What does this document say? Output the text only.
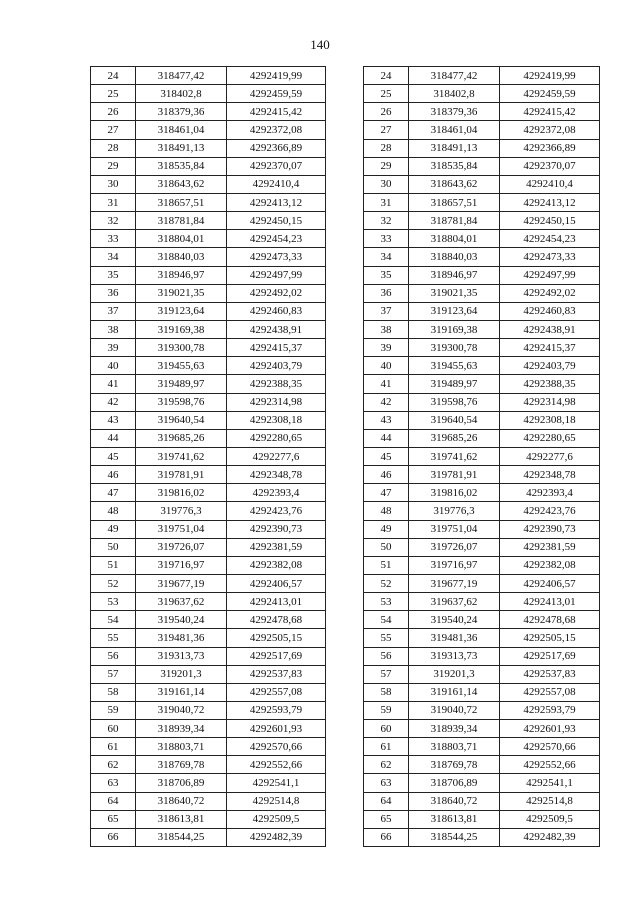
140
24	318477,42	4292419,99
25	318402,8	4292459,59
26	318379,36	4292415,42
27	318461,04	4292372,08
28	318491,13	4292366,89
29	318535,84	4292370,07
30	318643,62	4292410,4
31	318657,51	4292413,12
32	318781,84	4292450,15
33	318804,01	4292454,23
34	318840,03	4292473,33
35	318946,97	4292497,99
36	319021,35	4292492,02
37	319123,64	4292460,83
38	319169,38	4292438,91
39	319300,78	4292415,37
40	319455,63	4292403,79
41	319489,97	4292388,35
42	319598,76	4292314,98
43	319640,54	4292308,18
44	319685,26	4292280,65
45	319741,62	4292277,6
46	319781,91	4292348,78
47	319816,02	4292393,4
48	319776,3	4292423,76
49	319751,04	4292390,73
50	319726,07	4292381,59
51	319716,97	4292382,08
52	319677,19	4292406,57
53	319637,62	4292413,01
54	319540,24	4292478,68
55	319481,36	4292505,15
56	319313,73	4292517,69
57	319201,3	4292537,83
58	319161,14	4292557,08
59	319040,72	4292593,79
60	318939,34	4292601,93
61	318803,71	4292570,66
62	318769,78	4292552,66
63	318706,89	4292541,1
64	318640,72	4292514,8
65	318613,81	4292509,5
66	318544,25	4292482,39
24	318477,42	4292419,99
25	318402,8	4292459,59
26	318379,36	4292415,42
27	318461,04	4292372,08
28	318491,13	4292366,89
29	318535,84	4292370,07
30	318643,62	4292410,4
31	318657,51	4292413,12
32	318781,84	4292450,15
33	318804,01	4292454,23
34	318840,03	4292473,33
35	318946,97	4292497,99
36	319021,35	4292492,02
37	319123,64	4292460,83
38	319169,38	4292438,91
39	319300,78	4292415,37
40	319455,63	4292403,79
41	319489,97	4292388,35
42	319598,76	4292314,98
43	319640,54	4292308,18
44	319685,26	4292280,65
45	319741,62	4292277,6
46	319781,91	4292348,78
47	319816,02	4292393,4
48	319776,3	4292423,76
49	319751,04	4292390,73
50	319726,07	4292381,59
51	319716,97	4292382,08
52	319677,19	4292406,57
53	319637,62	4292413,01
54	319540,24	4292478,68
55	319481,36	4292505,15
56	319313,73	4292517,69
57	319201,3	4292537,83
58	319161,14	4292557,08
59	319040,72	4292593,79
60	318939,34	4292601,93
61	318803,71	4292570,66
62	318769,78	4292552,66
63	318706,89	4292541,1
64	318640,72	4292514,8
65	318613,81	4292509,5
66	318544,25	4292482,39
